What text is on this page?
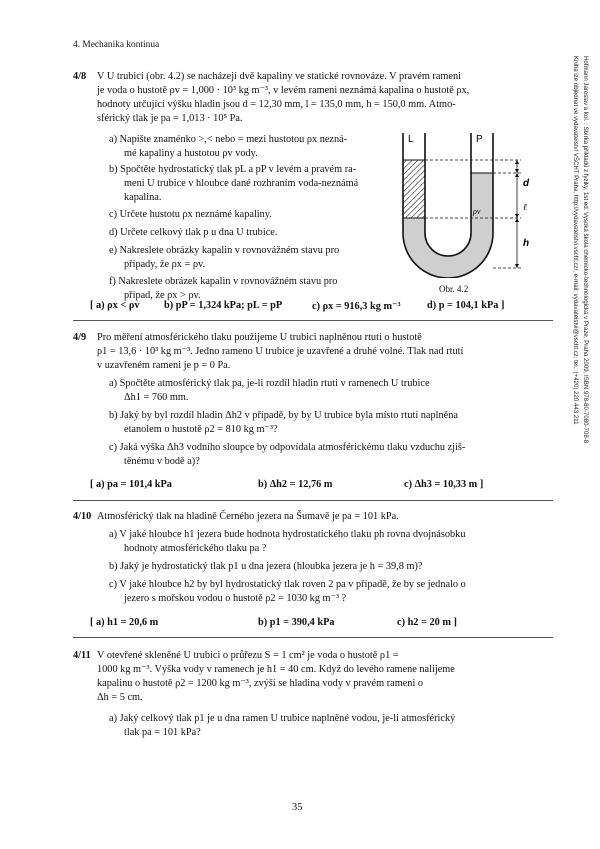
4. Mechanika kontinua
Hofmann Jaroslav a kol. : Sbírka příkladů z fyziky, 1st ed. Vysoká škola chemicko-technologická v Praze, Praha 2009, ISBN 978-80-7080-708-8
Kniha lze objednat ve vydavatelství VŠCHT Praha, http://vydavatelstvi.vscht.cz/, e-mail: vydavatelstvi@vscht.cz, tel.: (+420) 220 443 211
4/8 V U trubici (obr. 4.2) se nacházejí dvě kapaliny ve statické rovnováze. V pravém rameni
je voda o hustotě ρv = 1,000 · 10³ kg m⁻³, v levém rameni neznámá kapalina o hustotě ρx,
hodnoty určující výšku hladin jsou d = 12,30 mm, l = 135,0 mm, h = 150,0 mm. Atmo-
sférický tlak je pa = 1,013 · 10⁵ Pa.
a) Napište znaménko >,< nebo = mezi hustotou ρx nezná-
mé kapaliny a hustotou ρv vody.
b) Spočtěte hydrostatický tlak pL a pP v levém a pravém ra-
meni U trubice v hloubce dané rozhraním voda-neznámá
kapalina.
c) Určete hustotu ρx neznámé kapaliny.
d) Určete celkový tlak p u dna U trubice.
e) Nakreslete obrázky kapalin v rovnovážném stavu pro
případy, že ρx = ρv.
f) Nakreslete obrázek kapalin v rovnovážném stavu pro
případ, že ρx > ρv.
L	P
d
ℓ
h
ρv
Obr. 4.2
[ a) ρx < ρv b) pP = 1,324 kPa; pL = pP	c) ρx = 916,3 kg m⁻³	d) p = 104,1 kPa ]
4/9 Pro měření atmosférického tlaku použijeme U trubici naplněnou rtutí o hustotě
ρ1 = 13,6 · 10³ kg m⁻³. Jedno rameno U trubice je uzavřené a druhé volné. Tlak nad rtutí
v uzavřeném rameni je p = 0 Pa.
a) Spočtěte atmosférický tlak pa, je-li rozdíl hladin rtuti v ramenech U trubice
Δh1 = 760 mm.
b) Jaký by byl rozdíl hladin Δh2 v případě, by by U trubice byla místo rtutí naplněna
etanolem o hustotě ρ2 = 810 kg m⁻³?
c) Jaká výška Δh3 vodního sloupce by odpovídala atmosférickému tlaku vzduchu zjiš-
těnému v bodě a)?
[ a) pa = 101,4 kPa	b) Δh2 = 12,76 m	c) Δh3 = 10,33 m ]
4/10 Atmosférický tlak na hladině Černého jezera na Šumavě je pa = 101 kPa.
a) V jaké hloubce h1 jezera bude hodnota hydrostatického tlaku ph rovna dvojnásobku
hodnoty atmosférického tlaku pa ?
b) Jaký je hydrostatický tlak p1 u dna jezera (hloubka jezera je h = 39,8 m)?
c) V jaké hloubce h2 by byl hydrostatický tlak roven 2 pa v případě, že by se jednalo o
jezero s mořskou vodou o hustotě ρ2 = 1030 kg m⁻³ ?
[ a) h1 = 20,6 m	b) p1 = 390,4 kPa	c) h2 = 20 m ]
4/11 V otevřené skleněné U trubici o průřezu S = 1 cm² je voda o hustotě ρ1 =
1000 kg m⁻³. Výška vody v ramenech je h1 = 40 cm. Když do levého ramene nalijeme
kapalinu o hustotě ρ2 = 1200 kg m⁻³, zvýší se hladina vody v pravém rameni o
Δh = 5 cm.
a) Jaký celkový tlak p1 je u dna ramen U trubice naplněné vodou, je-li atmosférický
tlak pa = 101 kPa?
35
